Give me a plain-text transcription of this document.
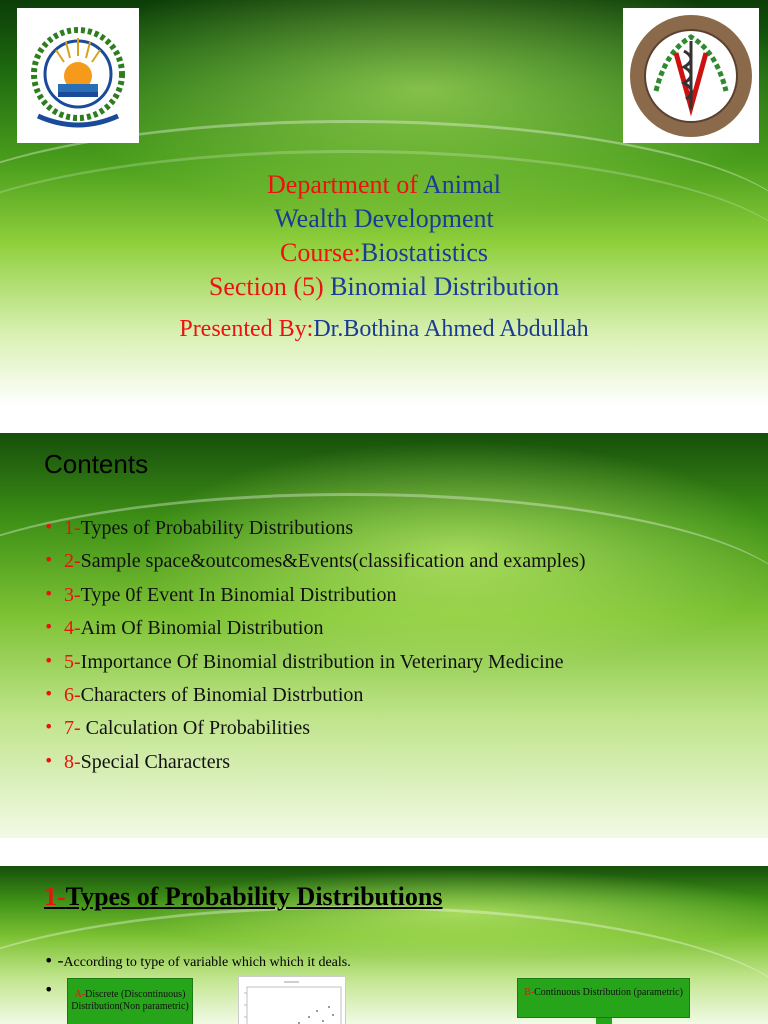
Department of Animal
Wealth Development
Course:Biostatistics
Section (5) Binomial Distribution
Presented By:Dr.Bothina Ahmed Abdullah
Contents
• 1-Types of Probability Distributions
• 2-Sample space&outcomes&Events(classification and examples)
• 3-Type 0f Event In Binomial Distribution
• 4-Aim Of Binomial Distribution
• 5-Importance Of Binomial distribution in Veterinary Medicine
• 6-Characters of Binomial Distrbution
• 7- Calculation Of Probabilities
• 8-Special Characters
1-Types of Probability Distributions
• -According to type of variable which which it deals.
•	A-Discrete (Discontinuous) Distribution(Non parametric)
B-Continuous Distribution (parametric)
